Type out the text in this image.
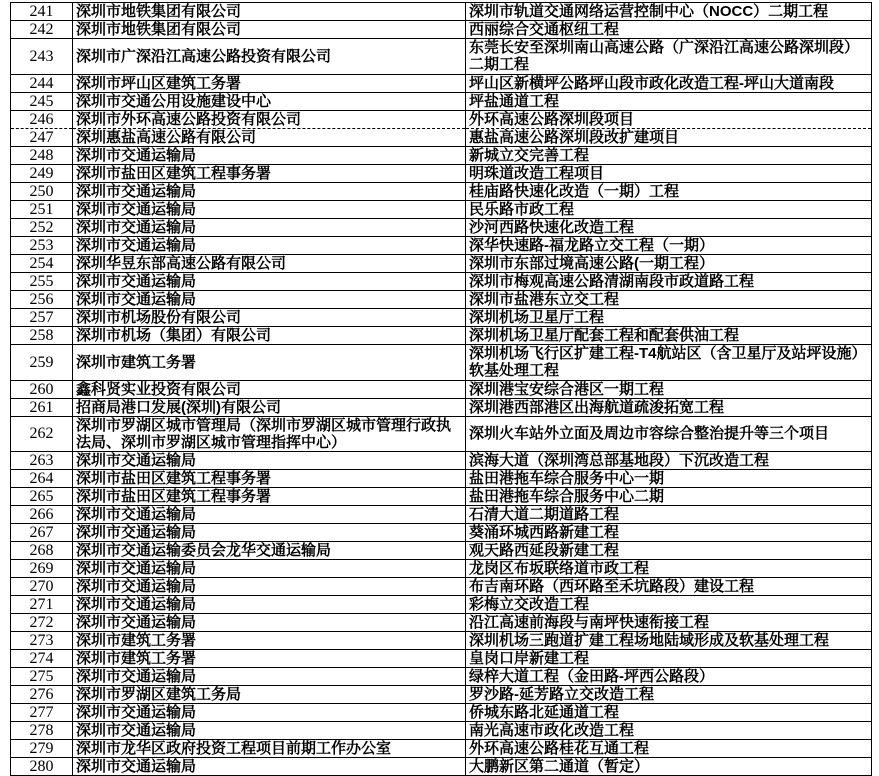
241	深圳市地铁集团有限公司	深圳市轨道交通网络运营控制中心（NOCC）二期工程
242	深圳市地铁集团有限公司	西丽综合交通枢纽工程
243	深圳市广深沿江高速公路投资有限公司	东莞长安至深圳南山高速公路（广深沿江高速公路深圳段）二期工程
244	深圳市坪山区建筑工务署	坪山区新横坪公路坪山段市政化改造工程-坪山大道南段
245	深圳市交通公用设施建设中心	坪盐通道工程
246	深圳市外环高速公路投资有限公司	外环高速公路深圳段项目
247	深圳惠盐高速公路有限公司	惠盐高速公路深圳段改扩建项目
248	深圳市交通运输局	新城立交完善工程
249	深圳市盐田区建筑工程事务署	明珠道改造工程项目
250	深圳市交通运输局	桂庙路快速化改造（一期）工程
251	深圳市交通运输局	民乐路市政工程
252	深圳市交通运输局	沙河西路快速化改造工程
253	深圳市交通运输局	深华快速路-福龙路立交工程（一期）
254	深圳华昱东部高速公路有限公司	深圳市东部过境高速公路(一期工程）
255	深圳市交通运输局	深圳市梅观高速公路清湖南段市政道路工程
256	深圳市交通运输局	深圳市盐港东立交工程
257	深圳市机场股份有限公司	深圳机场卫星厅工程
258	深圳市机场（集团）有限公司	深圳机场卫星厅配套工程和配套供油工程
259	深圳市建筑工务署	深圳机场飞行区扩建工程-T4航站区（含卫星厅及站坪设施）软基处理工程
260	鑫科贤实业投资有限公司	深圳港宝安综合港区一期工程
261	招商局港口发展(深圳)有限公司	深圳港西部港区出海航道疏浚拓宽工程
262	深圳市罗湖区城市管理局（深圳市罗湖区城市管理行政执法局、深圳市罗湖区城市管理指挥中心）	深圳火车站外立面及周边市容综合整治提升等三个项目
263	深圳市交通运输局	滨海大道（深圳湾总部基地段）下沉改造工程
264	深圳市盐田区建筑工程事务署	盐田港拖车综合服务中心一期
265	深圳市盐田区建筑工程事务署	盐田港拖车综合服务中心二期
266	深圳市交通运输局	石清大道二期道路工程
267	深圳市交通运输局	葵涌环城西路新建工程
268	深圳市交通运输委员会龙华交通运输局	观天路西延段新建工程
269	深圳市交通运输局	龙岗区布坂联络道市政工程
270	深圳市交通运输局	布吉南环路（西环路至禾坑路段）建设工程
271	深圳市交通运输局	彩梅立交改造工程
272	深圳市交通运输局	沿江高速前海段与南坪快速衔接工程
273	深圳市建筑工务署	深圳机场三跑道扩建工程场地陆域形成及软基处理工程
274	深圳市建筑工务署	皇岗口岸新建工程
275	深圳市交通运输局	绿梓大道工程（金田路-坪西公路段）
276	深圳市罗湖区建筑工务局	罗沙路-延芳路立交改造工程
277	深圳市交通运输局	侨城东路北延通道工程
278	深圳市交通运输局	南光高速市政化改造工程
279	深圳市龙华区政府投资工程项目前期工作办公室	外环高速公路桂花互通工程
280	深圳市交通运输局	大鹏新区第二通道（暂定）
